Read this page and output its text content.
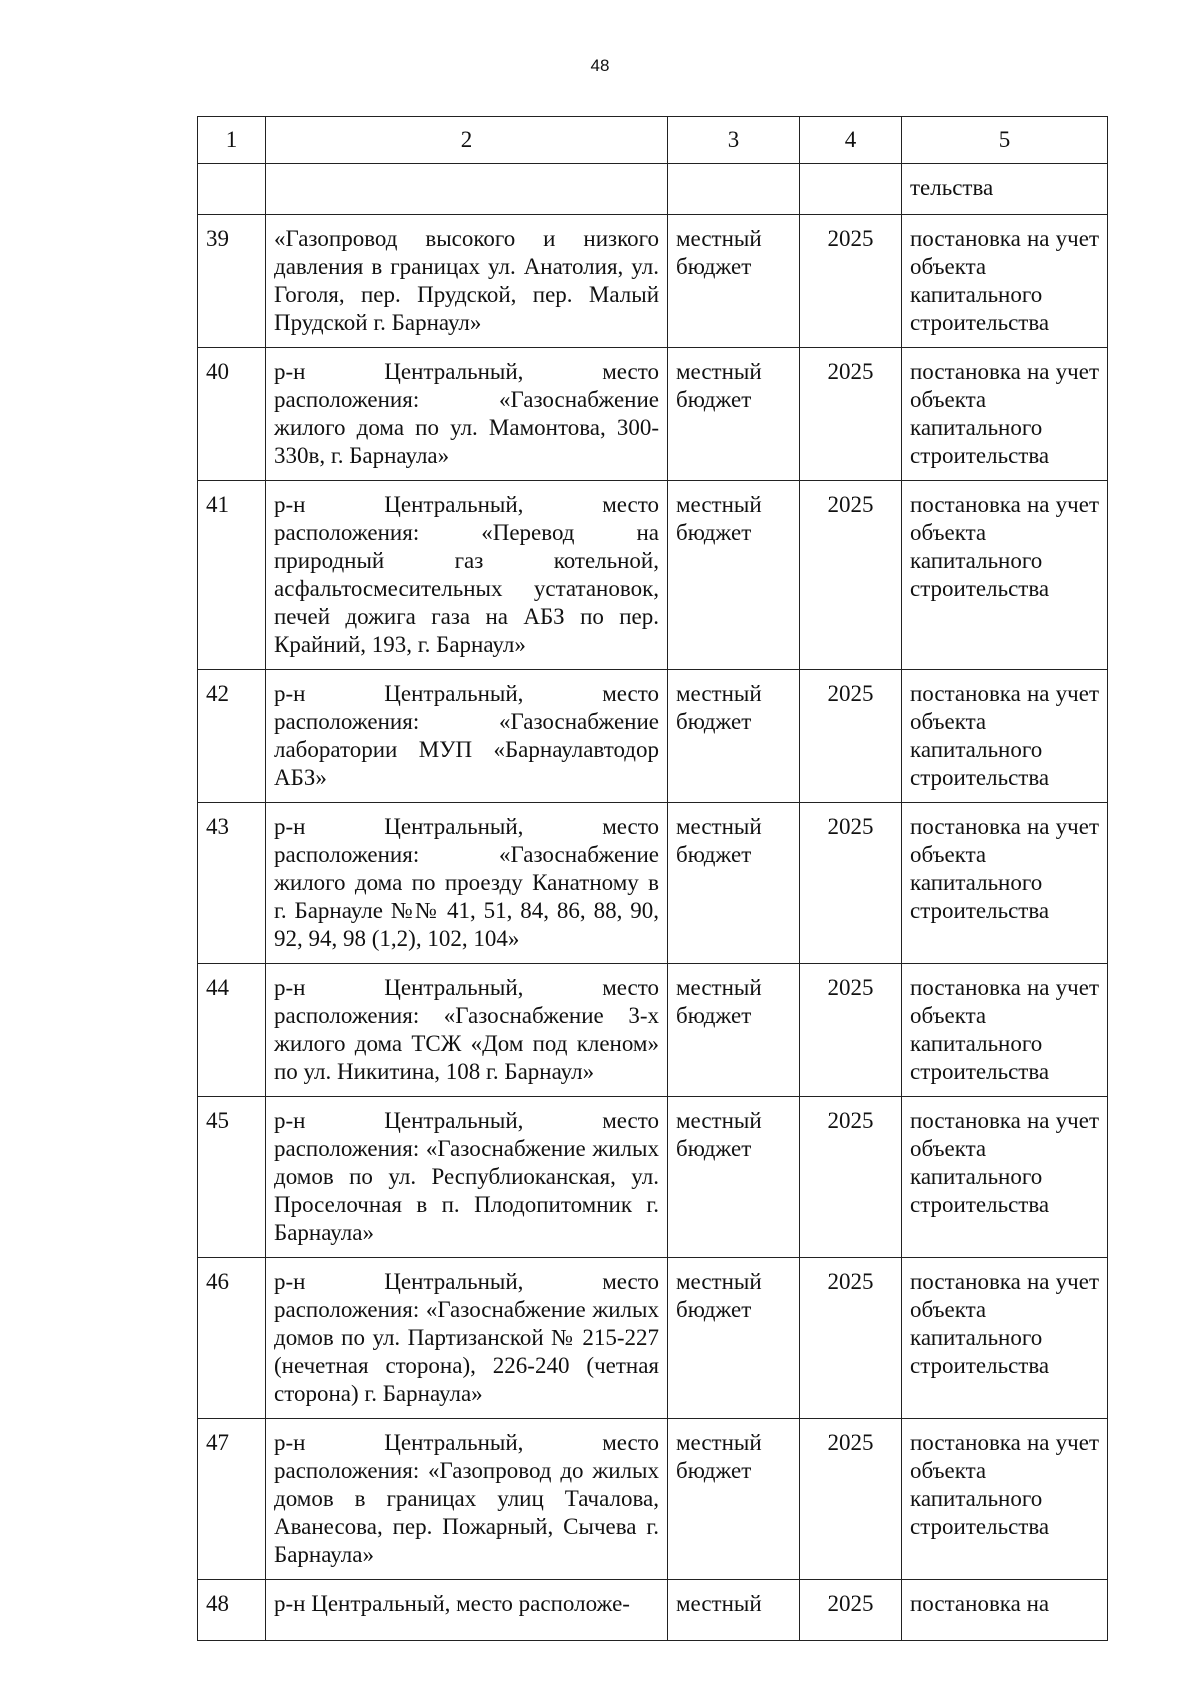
48
1	2	3	4	5
				тельства
39	«Газопровод высокого и низкого давления в границах ул. Анатолия, ул. Гоголя, пер. Прудской, пер. Малый Прудской г. Барнаул»	местный бюджет	2025	постановка на учет объекта капитального строительства
40	р-н Центральный, место расположения: «Газоснабжение жилого дома по ул. Мамонтова, 300-330в, г. Барнаула»	местный бюджет	2025	постановка на учет объекта капитального строительства
41	р-н Центральный, место расположения: «Перевод на природный газ котельной, асфальтосмесительных устатановок, печей дожига газа на АБЗ по пер. Крайний, 193, г. Барнаул»	местный бюджет	2025	постановка на учет объекта капитального строительства
42	р-н Центральный, место расположения: «Газоснабжение лаборатории МУП «Барнаулавтодор АБЗ»	местный бюджет	2025	постановка на учет объекта капитального строительства
43	р-н Центральный, место расположения: «Газоснабжение жилого дома по проезду Канатному в г. Барнауле №№ 41, 51, 84, 86, 88, 90, 92, 94, 98 (1,2), 102, 104»	местный бюджет	2025	постановка на учет объекта капитального строительства
44	р-н Центральный, место расположения: «Газоснабжение 3-х жилого дома ТСЖ «Дом под кленом» по ул. Никитина, 108 г. Барнаул»	местный бюджет	2025	постановка на учет объекта капитального строительства
45	р-н Центральный, место расположения: «Газоснабжение жилых домов по ул. Республиоканская, ул. Проселочная в п. Плодопитомник г. Барнаула»	местный бюджет	2025	постановка на учет объекта капитального строительства
46	р-н Центральный, место расположения: «Газоснабжение жилых домов по ул. Партизанской № 215-227 (нечетная сторона), 226-240 (четная сторона) г. Барнаула»	местный бюджет	2025	постановка на учет объекта капитального строительства
47	р-н Центральный, место расположения: «Газопровод до жилых домов в границах улиц Тачалова, Аванесова, пер. Пожарный, Сычева г. Барнаула»	местный бюджет	2025	постановка на учет объекта капитального строительства
48	р-н Центральный, место расположе-	местный	2025	постановка на
